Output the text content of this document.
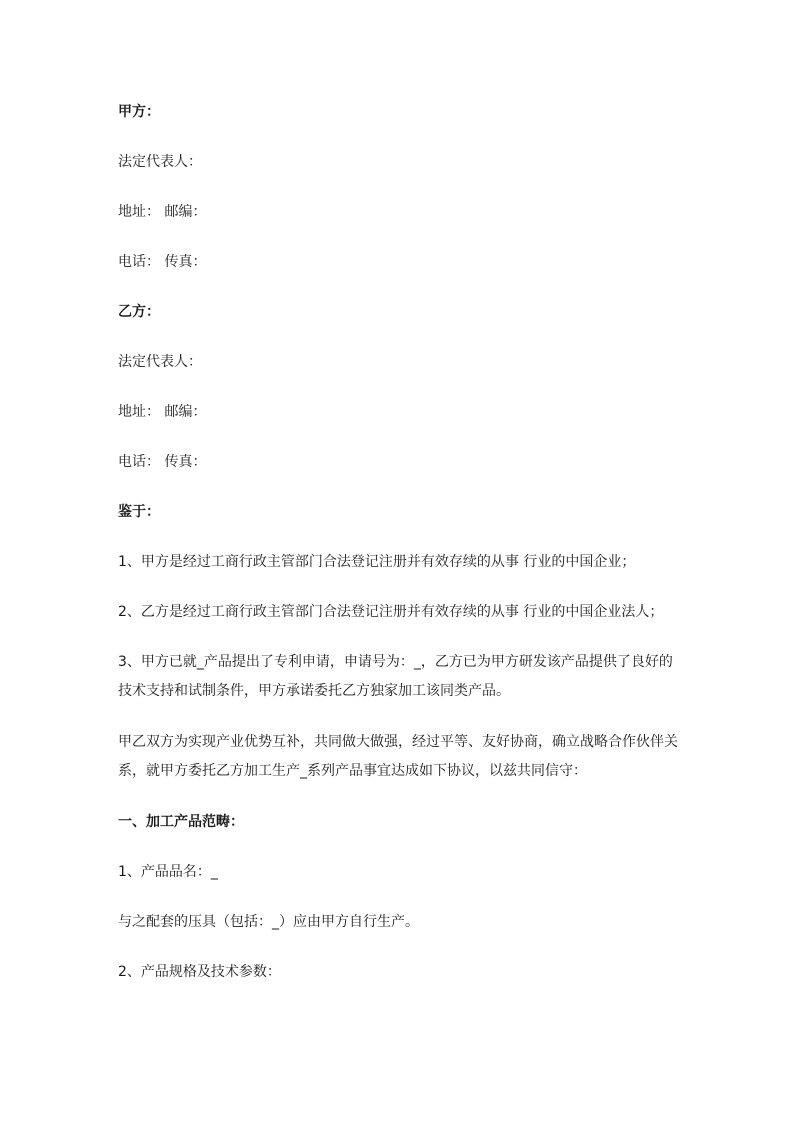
甲方：
法定代表人：
地址： 邮编：
电话： 传真：
乙方：
法定代表人：
地址： 邮编：
电话： 传真：
鉴于：
1、甲方是经过工商行政主管部门合法登记注册并有效存续的从事 行业的中国企业；
2、乙方是经过工商行政主管部门合法登记注册并有效存续的从事 行业的中国企业法人；
3、甲方已就_产品提出了专利申请，申请号为：_，乙方已为甲方研发该产品提供了良好的
技术支持和试制条件，甲方承诺委托乙方独家加工该同类产品。
甲乙双方为实现产业优势互补，共同做大做强，经过平等、友好协商，确立战略合作伙伴关
系，就甲方委托乙方加工生产_系列产品事宜达成如下协议，以兹共同信守：
一、加工产品范畴：
1、产品品名：_
与之配套的压具（包括：_）应由甲方自行生产。
2、产品规格及技术参数：
